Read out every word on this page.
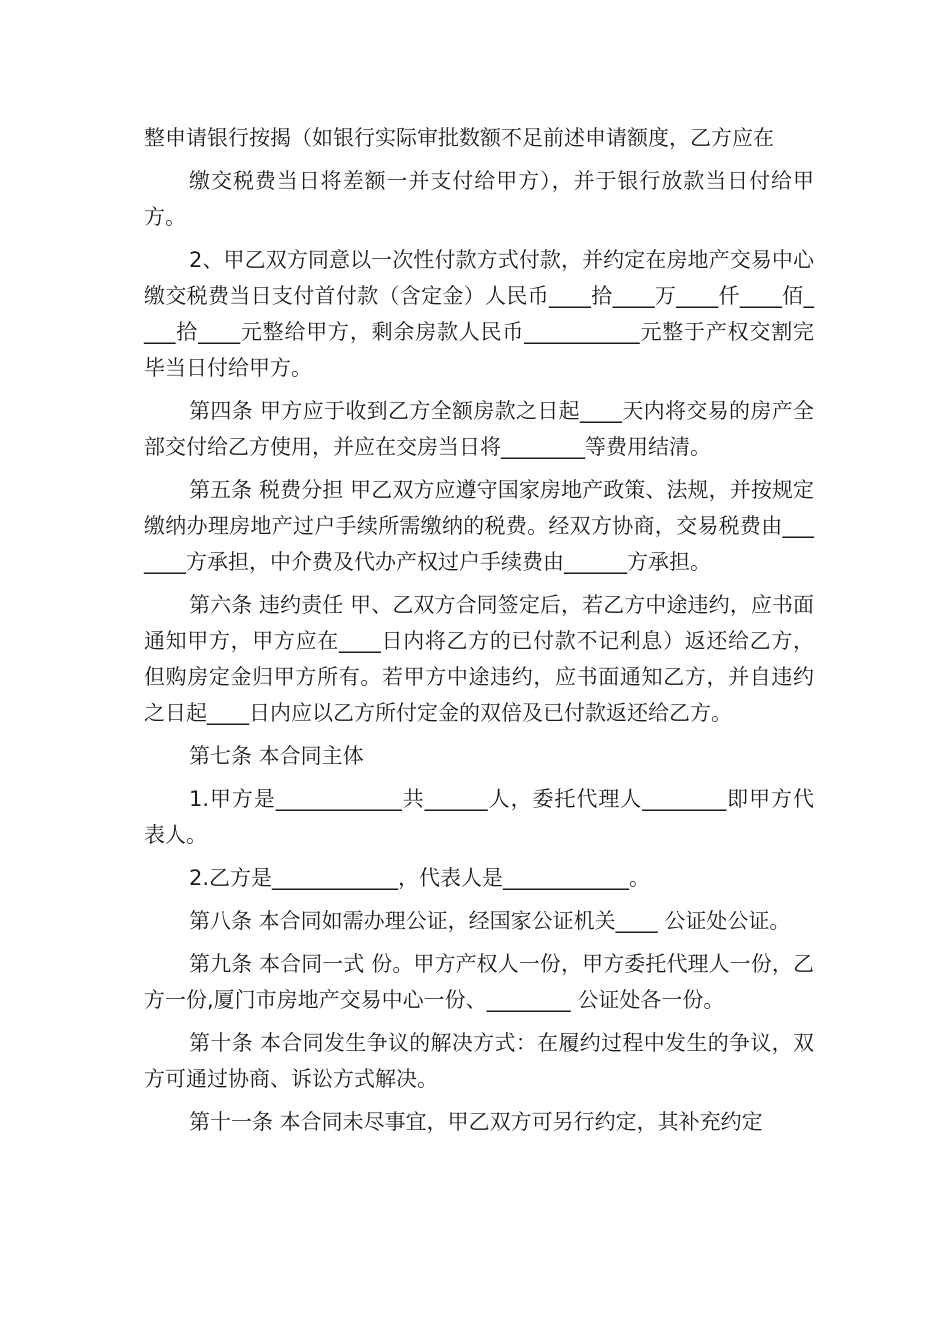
整申请银行按揭（如银行实际审批数额不足前述申请额度，乙方应在

缴交税费当日将差额一并支付给甲方），并于银行放款当日付给甲方。

2、甲乙双方同意以一次性付款方式付款，并约定在房地产交易中心缴交税费当日支付首付款（含定金）人民币____拾____万____仟____佰____拾____元整给甲方，剩余房款人民币___________元整于产权交割完毕当日付给甲方。

第四条 甲方应于收到乙方全额房款之日起____天内将交易的房产全部交付给乙方使用，并应在交房当日将________等费用结清。

第五条 税费分担 甲乙双方应遵守国家房地产政策、法规，并按规定缴纳办理房地产过户手续所需缴纳的税费。经双方协商，交易税费由_______方承担，中介费及代办产权过户手续费由______方承担。

第六条 违约责任 甲、乙双方合同签定后，若乙方中途违约，应书面通知甲方，甲方应在____日内将乙方的已付款不记利息）返还给乙方，但购房定金归甲方所有。若甲方中途违约，应书面通知乙方，并自违约之日起____日内应以乙方所付定金的双倍及已付款返还给乙方。

第七条 本合同主体

1.甲方是____________共______人，委托代理人________即甲方代表人。

2.乙方是____________，代表人是____________。

第八条 本合同如需办理公证，经国家公证机关____ 公证处公证。

第九条 本合同一式 份。甲方产权人一份，甲方委托代理人一份，乙方一份,厦门市房地产交易中心一份、________ 公证处各一份。

第十条 本合同发生争议的解决方式：在履约过程中发生的争议，双方可通过协商、诉讼方式解决。

第十一条 本合同未尽事宜，甲乙双方可另行约定，其补充约定
